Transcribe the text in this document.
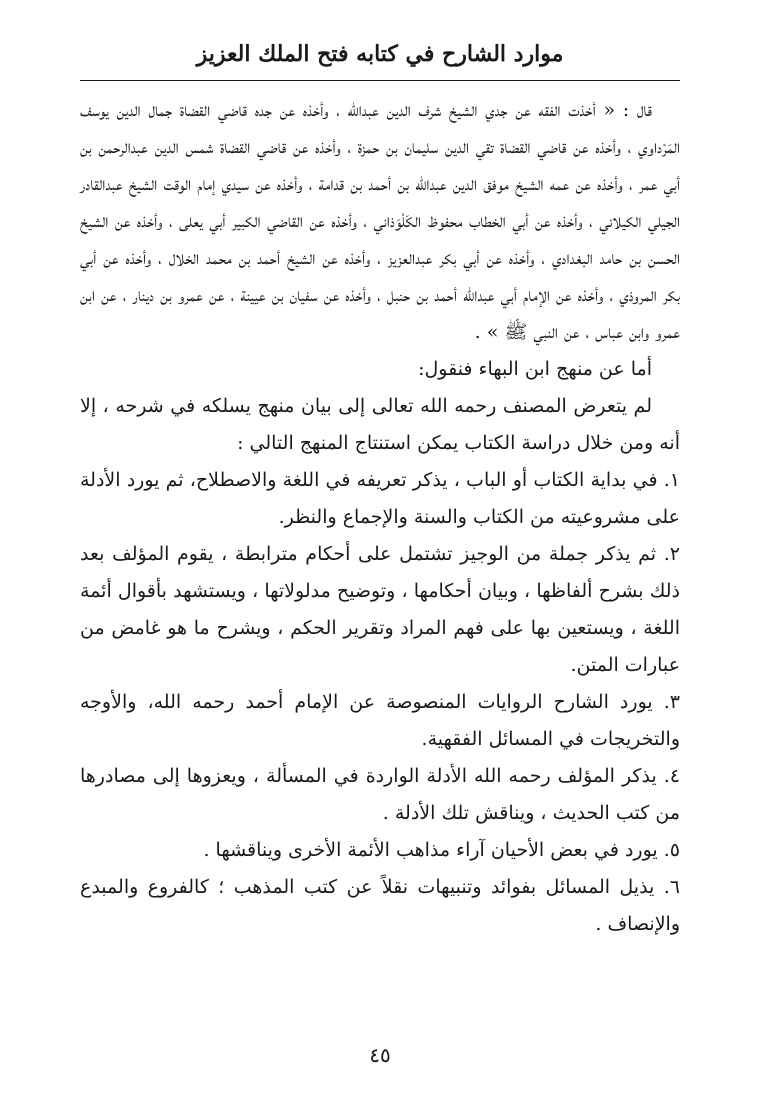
موارد الشارح في كتابه فتح الملك العزيز

قال : « أخذت الفقه عن جدي الشيخ شرف الدين عبدالله ، وأخذه عن جده قاضي القضاة جمال الدين يوسف المَرْداوي ، وأخذه عن قاضي القضاة تقي الدين سليمان بن حمزة ، وأخذه عن قاضي القضاة شمس الدين عبدالرحمن بن أبي عمر ، وأخذه عن عمه الشيخ موفق الدين عبدالله بن أحمد بن قدامة ، وأخذه عن سيدي إمام الوقت الشيخ عبدالقادر الجيلي الكيلاني ، وأخذه عن أبي الخطاب محفوظ الكَلْوَذاني ، وأخذه عن القاضي الكبير أبي يعلى ، وأخذه عن الشيخ الحسن بن حامد البغدادي ، وأخذه عن أبي بكر عبدالعزيز ، وأخذه عن الشيخ أحمد بن محمد الخلال ، وأخذه عن أبي بكر المروذي ، وأخذه عن الإمام أبي عبدالله أحمد بن حنبل ، وأخذه عن سفيان بن عيينة ، عن عمرو بن دينار ، عن ابن عمرو وابن عباس ، عن النبي ﷺ » .

أما عن منهج ابن البهاء فنقول:

لم يتعرض المصنف رحمه الله تعالى إلى بيان منهج يسلكه في شرحه ، إلا أنه ومن خلال دراسة الكتاب يمكن استنتاج المنهج التالي :

١. في بداية الكتاب أو الباب ، يذكر تعريفه في اللغة والاصطلاح، ثم يورد الأدلة على مشروعيته من الكتاب والسنة والإجماع والنظر.

٢. ثم يذكر جملة من الوجيز تشتمل على أحكام مترابطة ، يقوم المؤلف بعد ذلك بشرح ألفاظها ، وبيان أحكامها ، وتوضيح مدلولاتها ، ويستشهد بأقوال أئمة اللغة ، ويستعين بها على فهم المراد وتقرير الحكم ، ويشرح ما هو غامض من عبارات المتن.

٣. يورد الشارح الروايات المنصوصة عن الإمام أحمد رحمه الله، والأوجه والتخريجات في المسائل الفقهية.

٤. يذكر المؤلف رحمه الله الأدلة الواردة في المسألة ، ويعزوها إلى مصادرها من كتب الحديث ، ويناقش تلك الأدلة .

٥. يورد في بعض الأحيان آراء مذاهب الأئمة الأخرى ويناقشها .

٦. يذيل المسائل بفوائد وتنبيهات نقلاً عن كتب المذهب ؛ كالفروع والمبدع والإنصاف .

٤٥
